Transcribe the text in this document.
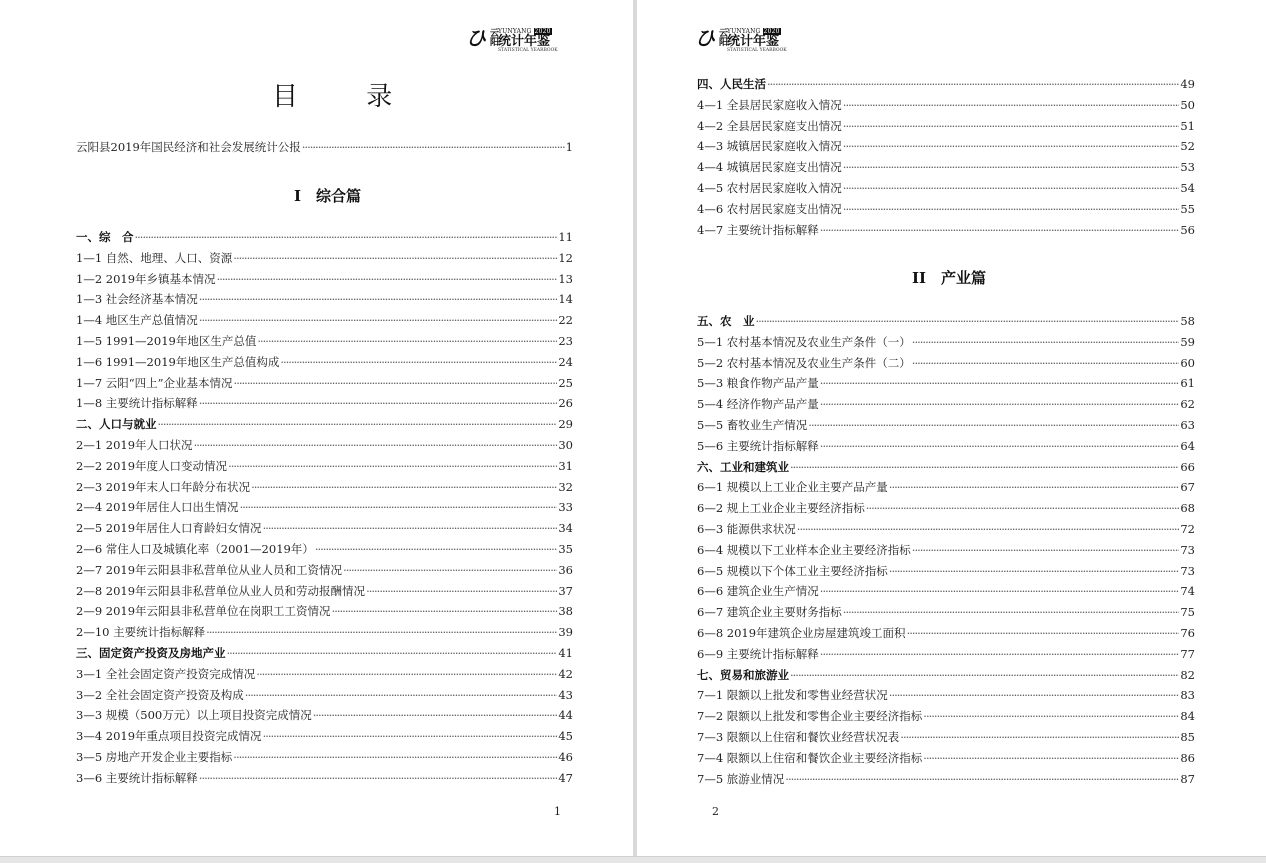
ひ 云阳 YUNYANG 2020
统计年鉴
STATISTICAL YEARBOOK
目 录
云阳县2019年国民经济和社会发展统计公报 ·····	1
I　综合篇
一、综　合 ·····	11
1—1 自然、地理、人口、资源 ·····	12
1—2 2019年乡镇基本情况 ·····	13
1—3 社会经济基本情况 ·····	14
1—4 地区生产总值情况 ·····	22
1—5 1991—2019年地区生产总值 ·····	23
1—6 1991—2019年地区生产总值构成 ·····	24
1—7 云阳“四上”企业基本情况 ·····	25
1—8 主要统计指标解释 ·····	26
二、人口与就业 ·····	29
2—1 2019年人口状况 ·····	30
2—2 2019年度人口变动情况 ·····	31
2—3 2019年末人口年龄分布状况 ·····	32
2—4 2019年居住人口出生情况 ·····	33
2—5 2019年居住人口育龄妇女情况 ·····	34
2—6 常住人口及城镇化率（2001—2019年） ·····	35
2—7 2019年云阳县非私营单位从业人员和工资情况 ·····	36
2—8 2019年云阳县非私营单位从业人员和劳动报酬情况 ·····	37
2—9 2019年云阳县非私营单位在岗职工工资情况 ·····	38
2—10 主要统计指标解释 ·····	39
三、固定资产投资及房地产业 ·····	41
3—1 全社会固定资产投资完成情况 ·····	42
3—2 全社会固定资产投资及构成 ·····	43
3—3 规模（500万元）以上项目投资完成情况 ·····	44
3—4 2019年重点项目投资完成情况 ·····	45
3—5 房地产开发企业主要指标 ·····	46
3—6 主要统计指标解释 ·····	47
1
ひ 云阳 YUNYANG 2020
统计年鉴
STATISTICAL YEARBOOK
四、人民生活 ·····	49
4—1 全县居民家庭收入情况 ·····	50
4—2 全县居民家庭支出情况 ·····	51
4—3 城镇居民家庭收入情况 ·····	52
4—4 城镇居民家庭支出情况 ·····	53
4—5 农村居民家庭收入情况 ·····	54
4—6 农村居民家庭支出情况 ·····	55
4—7 主要统计指标解释 ·····	56
II　产业篇
五、农　业 ·····	58
5—1 农村基本情况及农业生产条件（一） ·····	59
5—2 农村基本情况及农业生产条件（二） ·····	60
5—3 粮食作物产品产量 ·····	61
5—4 经济作物产品产量 ·····	62
5—5 畜牧业生产情况 ·····	63
5—6 主要统计指标解释 ·····	64
六、工业和建筑业 ·····	66
6—1 规模以上工业企业主要产品产量 ·····	67
6—2 规上工业企业主要经济指标 ·····	68
6—3 能源供求状况 ·····	72
6—4 规模以下工业样本企业主要经济指标 ·····	73
6—5 规模以下个体工业主要经济指标 ·····	73
6—6 建筑企业生产情况 ·····	74
6—7 建筑企业主要财务指标 ·····	75
6—8 2019年建筑企业房屋建筑竣工面积 ·····	76
6—9 主要统计指标解释 ·····	77
七、贸易和旅游业 ·····	82
7—1 限额以上批发和零售业经营状况 ·····	83
7—2 限额以上批发和零售企业主要经济指标 ·····	84
7—3 限额以上住宿和餐饮业经营状况表 ·····	85
7—4 限额以上住宿和餐饮企业主要经济指标 ·····	86
7—5 旅游业情况 ·····	87
2
